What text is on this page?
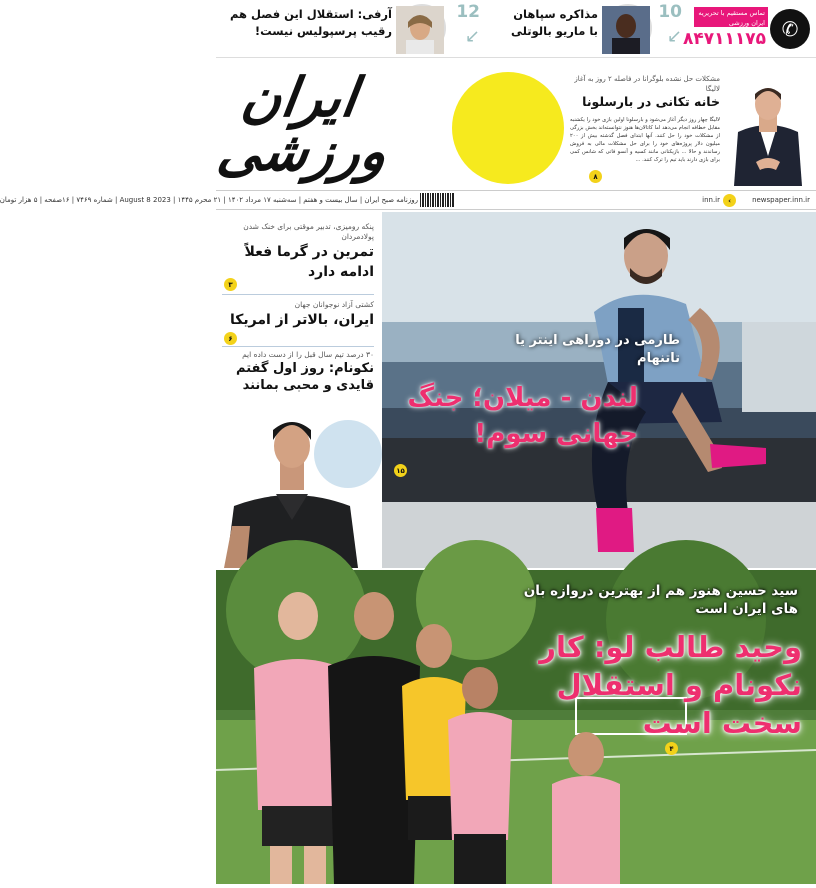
✆
تماس مستقیم با تحریریه ایران ورزشی
۸۴۷۱۱۱۷۵
10
↙
مذاکره سپاهان
با ماریو بالوتلی
12
↙
آرفی: استقلال این فصل هم
رقیب پرسپولیس نیست!
ایران
ورزشی
مشکلات حل نشده بلوگرانا در فاصله ۲ روز به آغاز لالیگا
خانه تکانی در بارسلونا
لالیگا چهار روز دیگر آغاز می‌شود و بارسلونا اولین بازی خود را یکشنبه مقابل خطافه انجام می‌دهد اما کاتالان‌ها هنوز نتوانسته‌اند بخش بزرگی از مشکلات خود را حل کنند. آنها ابتدای فصل گذشته بیش از ۲۰۰ میلیون دلار پروژه‌های خود را برای حل مشکلات مالی به فروش رساندند و حالا ... بازیکنانی مانند کسیه و آنسو فاتی که شانس کمی برای بازی دارند باید تیم را ترک کنند. ...
۸
newspaper.inn.ir
›
inn.ir
روزنامه صبح ایران | سال بیست و هفتم | سه‌شنبه ۱۷ مرداد ۱۴۰۲ | ۲۱ محرم ۱۴۴۵ | 2023 August 8 | شماره ۷۴۶۹ | ۱۶صفحه | ۵ هزار تومان
پنکه رومیزی، تدبیر موقتی برای خنک شدن پولادمردان
تمرین در گرما فعلاً ادامه دارد
۳
کشتی آزاد نوجوانان جهان
ایران، بالاتر از امریکا
۶
۳۰ درصد تیم سال قبل را از دست داده ایم
نکونام: روز اول گفتم قایدی و محبی بمانند
طارمی در دوراهی اینتر یا تاتنهام
لندن - میلان؛ جنگ جهانی سوم!
۱۵
سید حسین هنوز هم از بهترین دروازه بان های ایران است
وحید طالب لو: کار نکونام و استقلال سخت است
۴
